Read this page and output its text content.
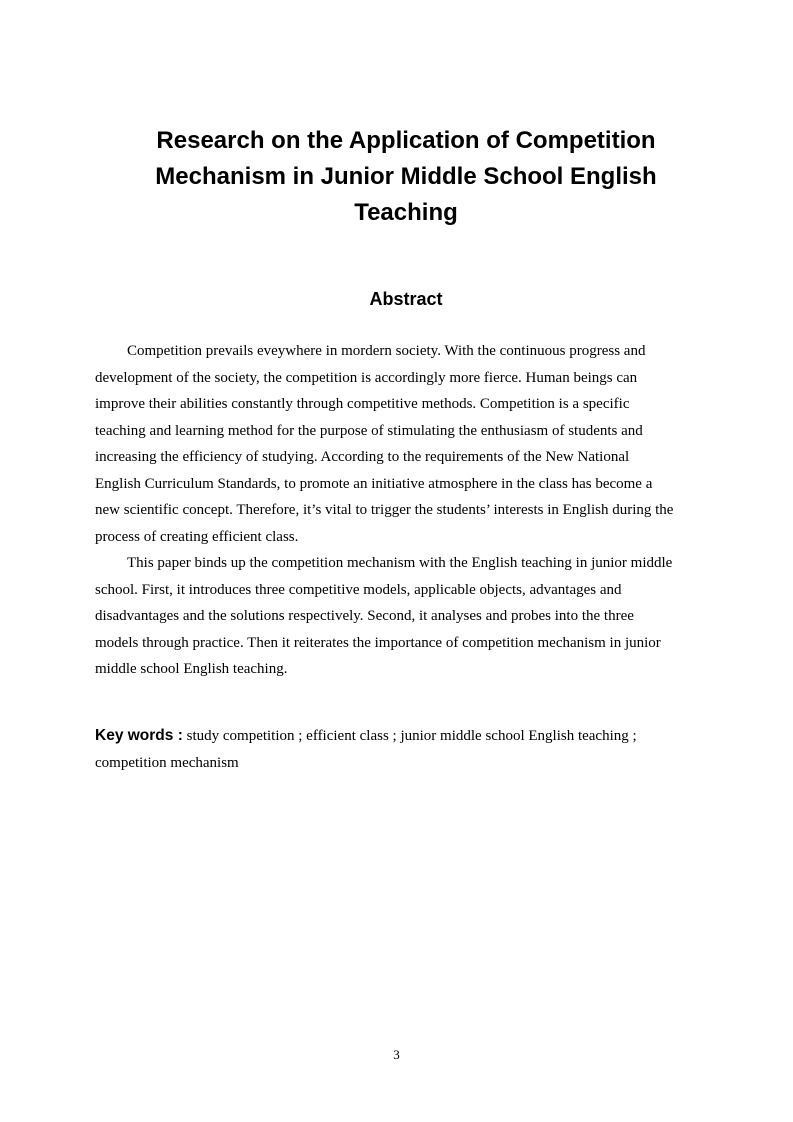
Research on the Application of Competition
Mechanism in Junior Middle School English
Teaching
Abstract
Competition prevails eveywhere in mordern society. With the continuous progress and
development of the society, the competition is accordingly more fierce. Human beings can
improve their abilities constantly through competitive methods. Competition is a specific
teaching and learning method for the purpose of stimulating the enthusiasm of students and
increasing the efficiency of studying. According to the requirements of the New National
English Curriculum Standards, to promote an initiative atmosphere in the class has become a
new scientific concept. Therefore, it’s vital to trigger the students’ interests in English during the
process of creating efficient class.
This paper binds up the competition mechanism with the English teaching in junior middle
school. First, it introduces three competitive models, applicable objects, advantages and
disadvantages and the solutions respectively. Second, it analyses and probes into the three
models through practice. Then it reiterates the importance of competition mechanism in junior
middle school English teaching.
Key words : study competition ; efficient class ; junior middle school English teaching ;
competition mechanism
3
